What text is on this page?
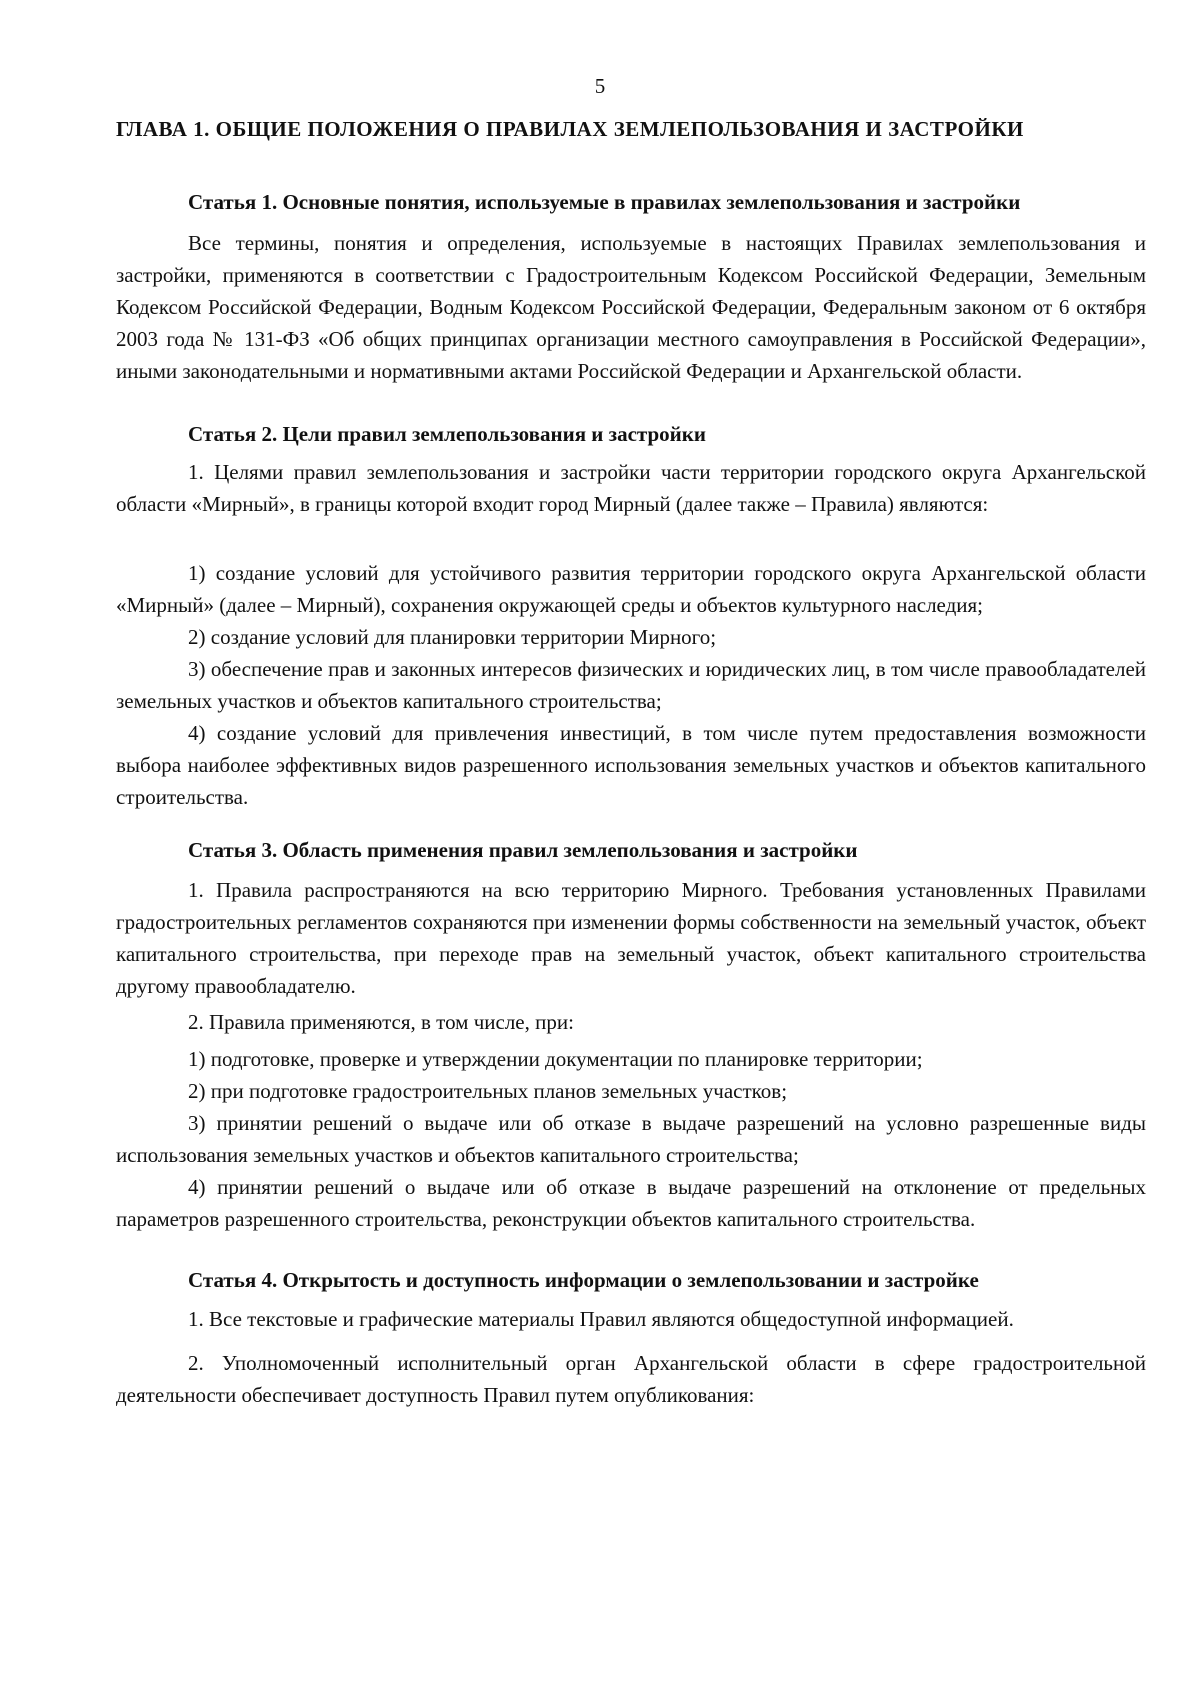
5
ГЛАВА 1. ОБЩИЕ ПОЛОЖЕНИЯ О ПРАВИЛАХ ЗЕМЛЕПОЛЬЗОВАНИЯ И ЗАСТРОЙКИ

Статья 1. Основные понятия, используемые в правилах землепользования и застройки

Все термины, понятия и определения, используемые в настоящих Правилах землепользования и застройки, применяются в соответствии с Градостроительным Кодексом Российской Федерации, Земельным Кодексом Российской Федерации, Водным Кодексом Российской Федерации, Федеральным законом от 6 октября 2003 года № 131-ФЗ «Об общих принципах организации местного самоуправления в Российской Федерации», иными законодательными и нормативными актами Российской Федерации и Архангельской области.

Статья 2. Цели правил землепользования и застройки

1. Целями правил землепользования и застройки части территории городского округа Архангельской области «Мирный», в границы которой входит город Мирный (далее также – Правила) являются:

1) создание условий для устойчивого развития территории городского округа Архангельской области «Мирный» (далее – Мирный), сохранения окружающей среды и объектов культурного наследия;

2) создание условий для планировки территории Мирного;

3) обеспечение прав и законных интересов физических и юридических лиц, в том числе правообладателей земельных участков и объектов капитального строительства;

4) создание условий для привлечения инвестиций, в том числе путем предоставления возможности выбора наиболее эффективных видов разрешенного использования земельных участков и объектов капитального строительства.

Статья 3. Область применения правил землепользования и застройки

1. Правила распространяются на всю территорию Мирного. Требования установленных Правилами градостроительных регламентов сохраняются при изменении формы собственности на земельный участок, объект капитального строительства, при переходе прав на земельный участок, объект капитального строительства другому правообладателю.

2. Правила применяются, в том числе, при:

1) подготовке, проверке и утверждении документации по планировке территории;

2) при подготовке градостроительных планов земельных участков;

3) принятии решений о выдаче или об отказе в выдаче разрешений на условно разрешенные виды использования земельных участков и объектов капитального строительства;

4) принятии решений о выдаче или об отказе в выдаче разрешений на отклонение от предельных параметров разрешенного строительства, реконструкции объектов капитального строительства.

Статья 4. Открытость и доступность информации о землепользовании и застройке

1. Все текстовые и графические материалы Правил являются общедоступной информацией.

2. Уполномоченный исполнительный орган Архангельской области в сфере градостроительной деятельности обеспечивает доступность Правил путем опубликования:
